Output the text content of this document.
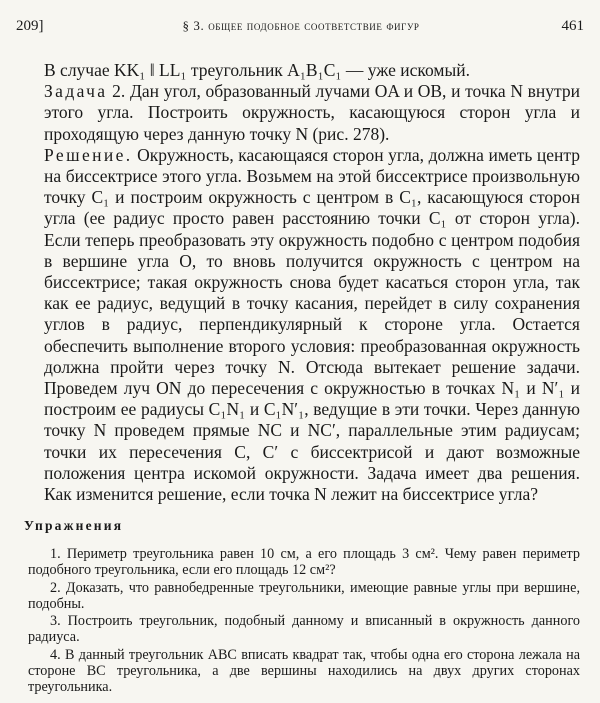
209]	§ 3. общее подобное соответствие фигур	461

В случае KK₁ ‖ LL₁ треугольник A₁B₁C₁ — уже искомый.

Задача 2. Дан угол, образованный лучами OA и OB, и точка N внутри этого угла. Построить окружность, касающуюся сторон угла и проходящую через данную точку N (рис. 278).

Решение. Окружность, касающаяся сторон угла, должна иметь центр на биссектрисе этого угла. Возьмем на этой биссектрисе произвольную точку C₁ и построим окружность с центром в C₁, касающуюся сторон угла (ее радиус просто равен расстоянию точки C₁ от сторон угла). Если теперь преобразовать эту окружность подобно с центром подобия в вершине угла O, то вновь получится окружность с центром на биссектрисе; такая окружность снова будет касаться сторон угла, так как ее радиус, ведущий в точку касания, перейдет в силу сохранения углов в радиус, перпендикулярный к стороне угла. Остается обеспечить выполнение второго условия: преобразованная окружность должна пройти через точку N. Отсюда вытекает решение задачи. Проведем луч ON до пересечения с окружностью в точках N₁ и N′₁ и построим ее радиусы C₁N₁ и C₁N′₁, ведущие в эти точки. Через данную точку N проведем прямые NC и NC′, параллельные этим радиусам; точки их пересечения C, C′ с биссектрисой и дают возможные положения центра искомой окружности. Задача имеет два решения. Как изменится решение, если точка N лежит на биссектрисе угла?

Упражнения

1. Периметр треугольника равен 10 см, а его площадь 3 см². Чему равен периметр подобного треугольника, если его площадь 12 см²?

2. Доказать, что равнобедренные треугольники, имеющие равные углы при вершине, подобны.

3. Построить треугольник, подобный данному и вписанный в окружность данного радиуса.

4. В данный треугольник ABC вписать квадрат так, чтобы одна его сторона лежала на стороне BC треугольника, а две вершины находились на двух других сторонах треугольника.
